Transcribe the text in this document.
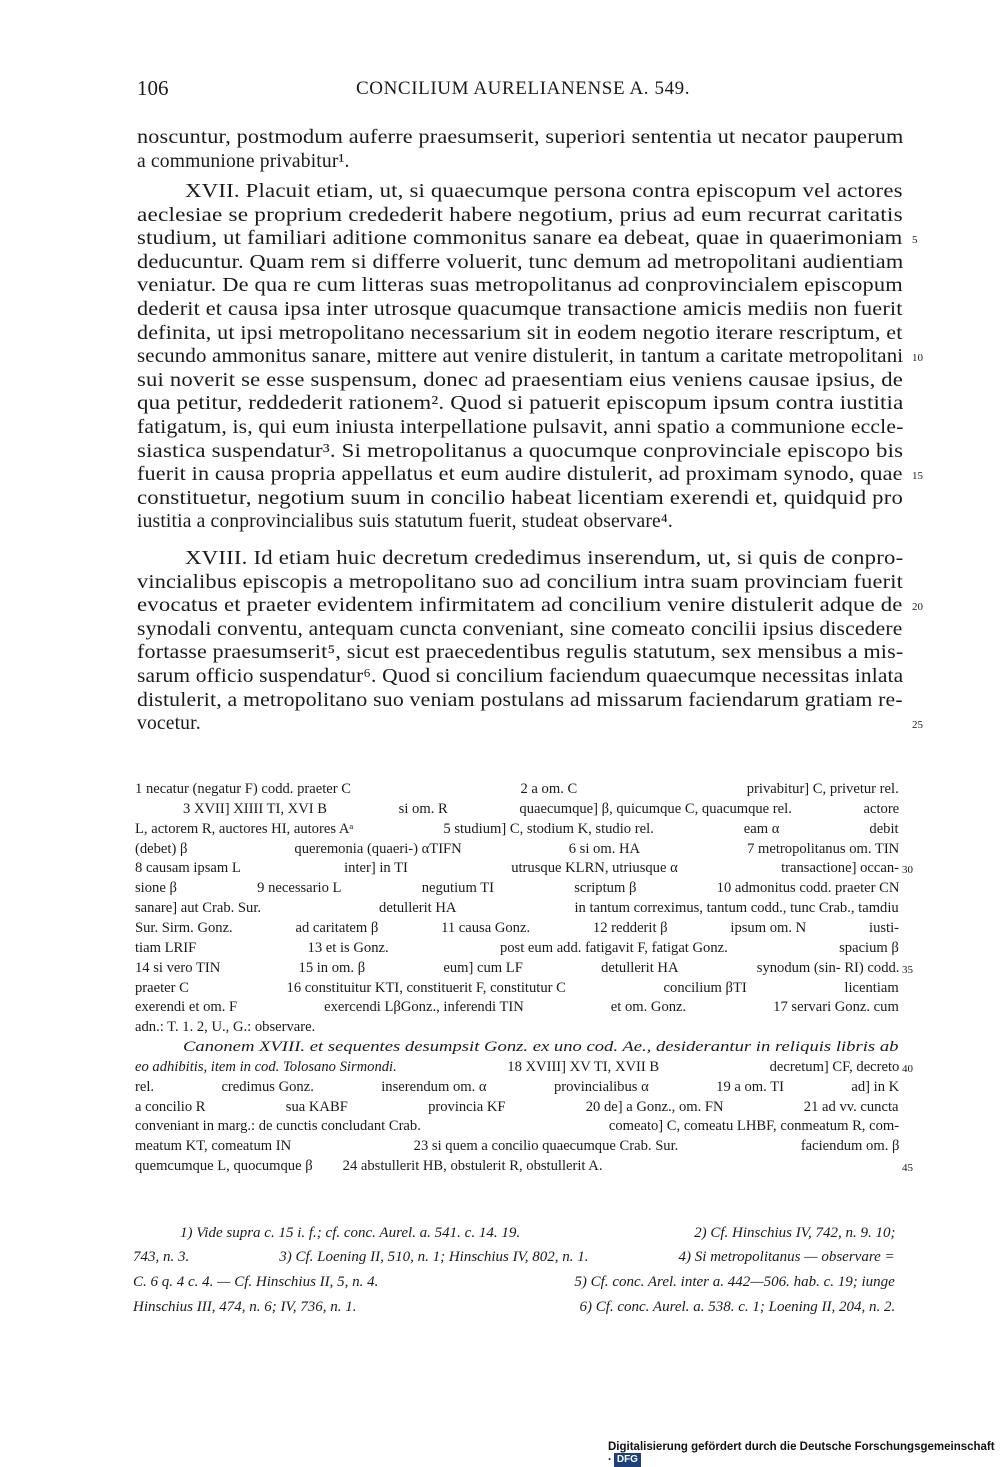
106	CONCILIUM AURELIANENSE A. 549.
noscuntur, postmodum auferre praesumserit, superiori sententia ut necator pauperum
a communione privabitur¹.
XVII. Placuit etiam, ut, si quaecumque persona contra episcopum vel actores
aeclesiae se proprium credederit habere negotium, prius ad eum recurrat caritatis
studium, ut familiari aditione commonitus sanare ea debeat, quae in quaerimoniam
deducuntur. Quam rem si differre voluerit, tunc demum ad metropolitani audientiam
veniatur. De qua re cum litteras suas metropolitanus ad conprovincialem episcopum
dederit et causa ipsa inter utrosque quacumque transactione amicis mediis non fuerit
definita, ut ipsi metropolitano necessarium sit in eodem negotio iterare rescriptum, et
secundo ammonitus sanare, mittere aut venire distulerit, in tantum a caritate metropolitani
sui noverit se esse suspensum, donec ad praesentiam eius veniens causae ipsius, de
qua petitur, reddederit rationem². Quod si patuerit episcopum ipsum contra iustitia
fatigatum, is, qui eum iniusta interpellatione pulsavit, anni spatio a communione eccle-
siastica suspendatur³. Si metropolitanus a quocumque conprovinciale episcopo bis
fuerit in causa propria appellatus et eum audire distulerit, ad proximam synodo, quae
constituetur, negotium suum in concilio habeat licentiam exerendi et, quidquid pro
iustitia a conprovincialibus suis statutum fuerit, studeat observare⁴.
XVIII. Id etiam huic decretum crededimus inserendum, ut, si quis de conpro-
vincialibus episcopis a metropolitano suo ad concilium intra suam provinciam fuerit
evocatus et praeter evidentem infirmitatem ad concilium venire distulerit adque de
synodali conventu, antequam cuncta conveniant, sine comeato concilii ipsius discedere
fortasse praesumserit⁵, sicut est praecedentibus regulis statutum, sex mensibus a mis-
sarum officio suspendatur⁶. Quod si concilium faciendum quaecumque necessitas inlata
distulerit, a metropolitano suo veniam postulans ad missarum faciendarum gratiam re-
vocetur.
5
10
15
20
25
1 necatur (negatur F) codd. praeter C	2 a om. C	privabitur] C, privetur rel.
3 XVII] XIIII TI, XVI B	si om. R	quaecumque] β, quicumque C, quacumque rel.	actore
L, actorem R, auctores HI, autores Aᵃ	5 studium] C, stodium K, studio rel.	eam α	debit
(debet) β	queremonia (quaeri-) αTIFN	6 si om. HA	7 metropolitanus om. TIN
8 causam ipsam L	inter] in TI	utrusque KLRN, utriusque α	transactione] occan-
sione β	9 necessario L	negutium TI	scriptum β	10 admonitus codd. praeter CN
sanare] aut Crab. Sur.	detullerit HA	in tantum correximus, tantum codd., tunc Crab., tamdiu
Sur. Sirm. Gonz.	ad caritatem β	11 causa Gonz.	12 redderit β	ipsum om. N	iusti-
tiam LRIF	13 et is Gonz.	post eum add. fatigavit F, fatigat Gonz.	spacium β
14 si vero TIN	15 in om. β	eum] cum LF	detullerit HA	synodum (sin- RI) codd.
praeter C	16 constituitur KTI, constituerit F, constitutur C	concilium βTI	licentiam
exerendi et om. F	exercendi LβGonz., inferendi TIN	et om. Gonz.	17 servari Gonz. cum
adn.: T. 1. 2, U., G.: observare.
Canonem XVIII. et sequentes desumpsit Gonz. ex uno cod. Ae., desiderantur in reliquis libris ab
eo adhibitis, item in cod. Tolosano Sirmondi.	18 XVIII] XV TI, XVII B	decretum] CF, decreto
rel.	credimus Gonz.	inserendum om. α	provincialibus α	19 a om. TI	ad] in K
a concilio R	sua KABF	provincia KF	20 de] a Gonz., om. FN	21 ad vv. cuncta
conveniant in marg.: de cunctis concludant Crab.	comeato] C, comeatu LHBF, conmeatum R, com-
meatum KT, comeatum IN	23 si quem a concilio quaecumque Crab. Sur.	faciendum om. β
quemcumque L, quocumque β 24 abstullerit HB, obstulerit R, obstullerit A.
30
35
40
45
1) Vide supra c. 15 i. f.; cf. conc. Aurel. a. 541. c. 14. 19.	2) Cf. Hinschius IV, 742, n. 9. 10;
743, n. 3.	3) Cf. Loening II, 510, n. 1; Hinschius IV, 802, n. 1.	4) Si metropolitanus — observare =
C. 6 q. 4 c. 4. — Cf. Hinschius II, 5, n. 4.	5) Cf. conc. Arel. inter a. 442—506. hab. c. 19; iunge
Hinschius III, 474, n. 6; IV, 736, n. 1.	6) Cf. conc. Aurel. a. 538. c. 1; Loening II, 204, n. 2.
Digitalisierung gefördert durch die Deutsche Forschungsgemeinschaft · DFG
